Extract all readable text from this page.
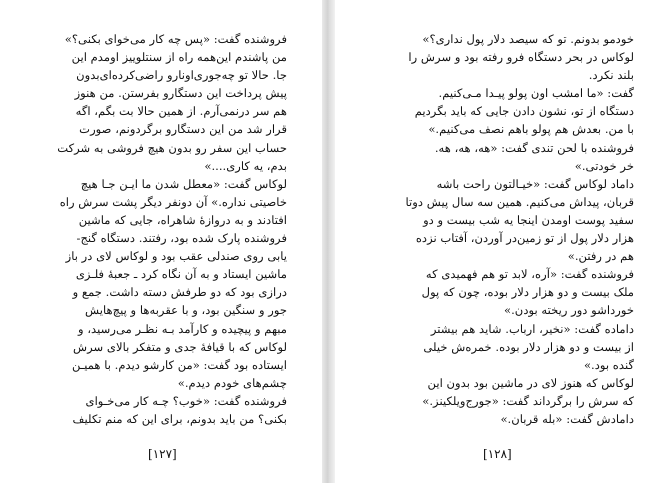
فروشنده گفت: «پس چه کار می‌خوای بکنی؟»
من پاشندم این‌همه راه از سنتلوییز اومدم این
جا. حالا تو چه‌جوری‌اونارو راضی‌کرده‌ای‌بدون
پیش پرداخت این دستگارو بفرستن. من هنوز
هم سر درنمی‌آرم. از همین حالا بت بگم، اگه
قرار شد من این دستگارو برگردونم، صورت
حساب این سفر رو بدون هیچ فروشی به شرکت
بدم، یه کاری....»
لوکاس گفت: «معطل شدن ما ایـن جـا هیچ
خاصیتی نداره.» آن دونفر دیگر پشت سرش راه
افتادند و به دروازهٔ شاهراه، جایی که ماشین
فروشنده پارک شده بود، رفتند. دستگاه گنج-
یابی روی صندلی عقب بود و لوکاس لای در باز
ماشین ایستاد و به آن نگاه کرد ـ جعبهٔ فلـزی
درازی بود که دو طرفش دسته داشت. جمع و
جور و سنگین بود، و با عقربه‌ها و پیچ‌هایش
مبهم و پیچیده و کارآمد بـه نظـر می‌رسید، و
لوکاس که با قیافهٔ جدی و متفکر بالای سرش
ایستاده بود گفت: «من کارشو دیدم. با همیـن
چشم‌های خودم دیدم.»
فروشنده گفت: «خوب؟ چـه کار می‌خـوای
بکنی؟ من باید بدونم، برای این که منم تکلیف
[۱۲۷]
خودمو بدونم. تو که سیصد دلار پول نداری؟»
لوکاس در بحر دستگاه فرو رفته بود و سرش را
بلند نکرد.
گفت: «ما امشب اون پولو پیـدا مـی‌کنیم.
دستگاه از تو، نشون دادن جایی که باید بگردیم
با من. بعدش هم پولو باهم نصف می‌کنیم.»
فروشنده با لحن تندی گفت: «هه، هه، هه.
خر خودتی.»
داماد لوکاس گفت: «خیـالتون راحت باشه
قربان، پیداش می‌کنیم. همین سه سال پیش دوتا
سفید پوست اومدن اینجا یه شب بیست و دو
هزار دلار پول از تو زمین‌در آوردن، آفتاب نزده
هم در رفتن.»
فروشنده گفت: «آره، لابد تو هم فهمیدی که
ملک بیست و دو هزار دلار بوده، چون که پول
خورداشو دور ریخته بودن.»
داماده گفت: «نخیر، ارباب. شاید هم بیشتر
از بیست و دو هزار دلار بوده. خمره‌ش خیلی
گنده بود.»
لوکاس که هنوز لای در ماشین بود بدون این
که سرش را برگرداند گفت: «جورج‌ویلکینز.»
دامادش گفت: «بله قربان.»
[۱۲۸]
